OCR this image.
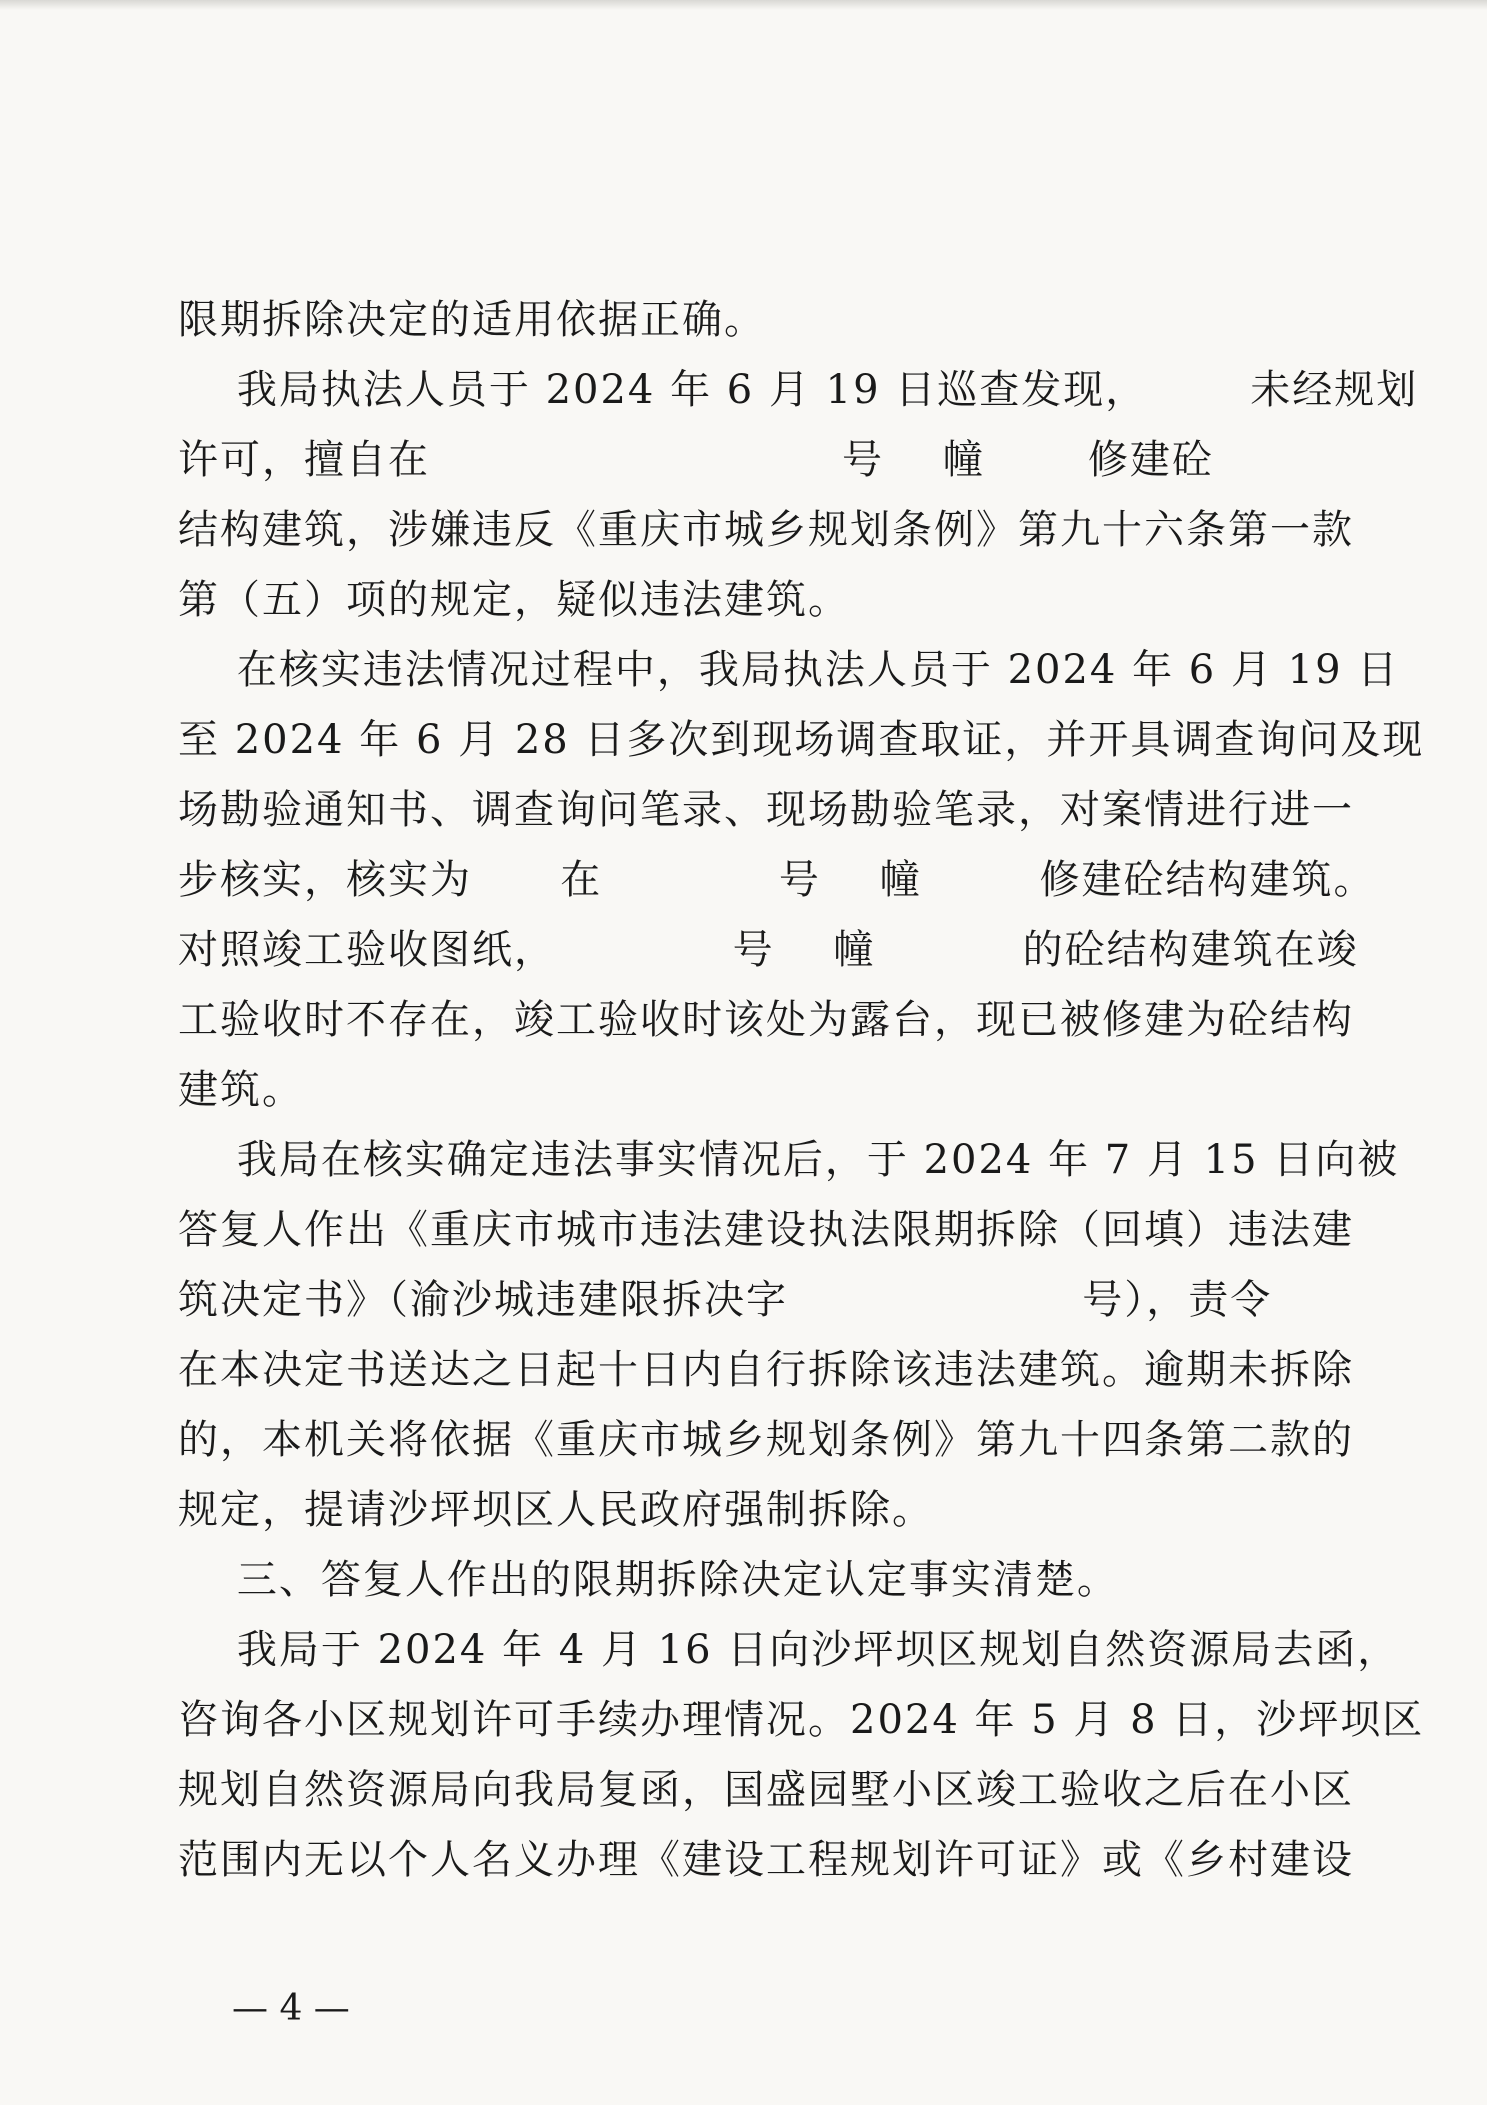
限期拆除决定的适用依据正确。
我局执法人员于 2024 年 6 月 19 日巡查发现，       未经规划
许可，擅自在                            号    幢       修建砼
结构建筑，涉嫌违反《重庆市城乡规划条例》第九十六条第一款
第（五）项的规定，疑似违法建筑。
在核实违法情况过程中，我局执法人员于 2024 年 6 月 19 日
至 2024 年 6 月 28 日多次到现场调查取证，并开具调查询问及现
场勘验通知书、调查询问笔录、现场勘验笔录，对案情进行进一
步核实，核实为      在            号    幢        修建砼结构建筑。
对照竣工验收图纸，            号    幢          的砼结构建筑在竣
工验收时不存在，竣工验收时该处为露台，现已被修建为砼结构
建筑。
我局在核实确定违法事实情况后，于 2024 年 7 月 15 日向被
答复人作出《重庆市城市违法建设执法限期拆除（回填）违法建
筑决定书》（渝沙城违建限拆决字                    号），责令
在本决定书送达之日起十日内自行拆除该违法建筑。逾期未拆除
的，本机关将依据《重庆市城乡规划条例》第九十四条第二款的
规定，提请沙坪坝区人民政府强制拆除。
三、答复人作出的限期拆除决定认定事实清楚。
我局于 2024 年 4 月 16 日向沙坪坝区规划自然资源局去函，
咨询各小区规划许可手续办理情况。2024 年 5 月 8 日，沙坪坝区
规划自然资源局向我局复函，国盛园墅小区竣工验收之后在小区
范围内无以个人名义办理《建设工程规划许可证》或《乡村建设
— 4 —
